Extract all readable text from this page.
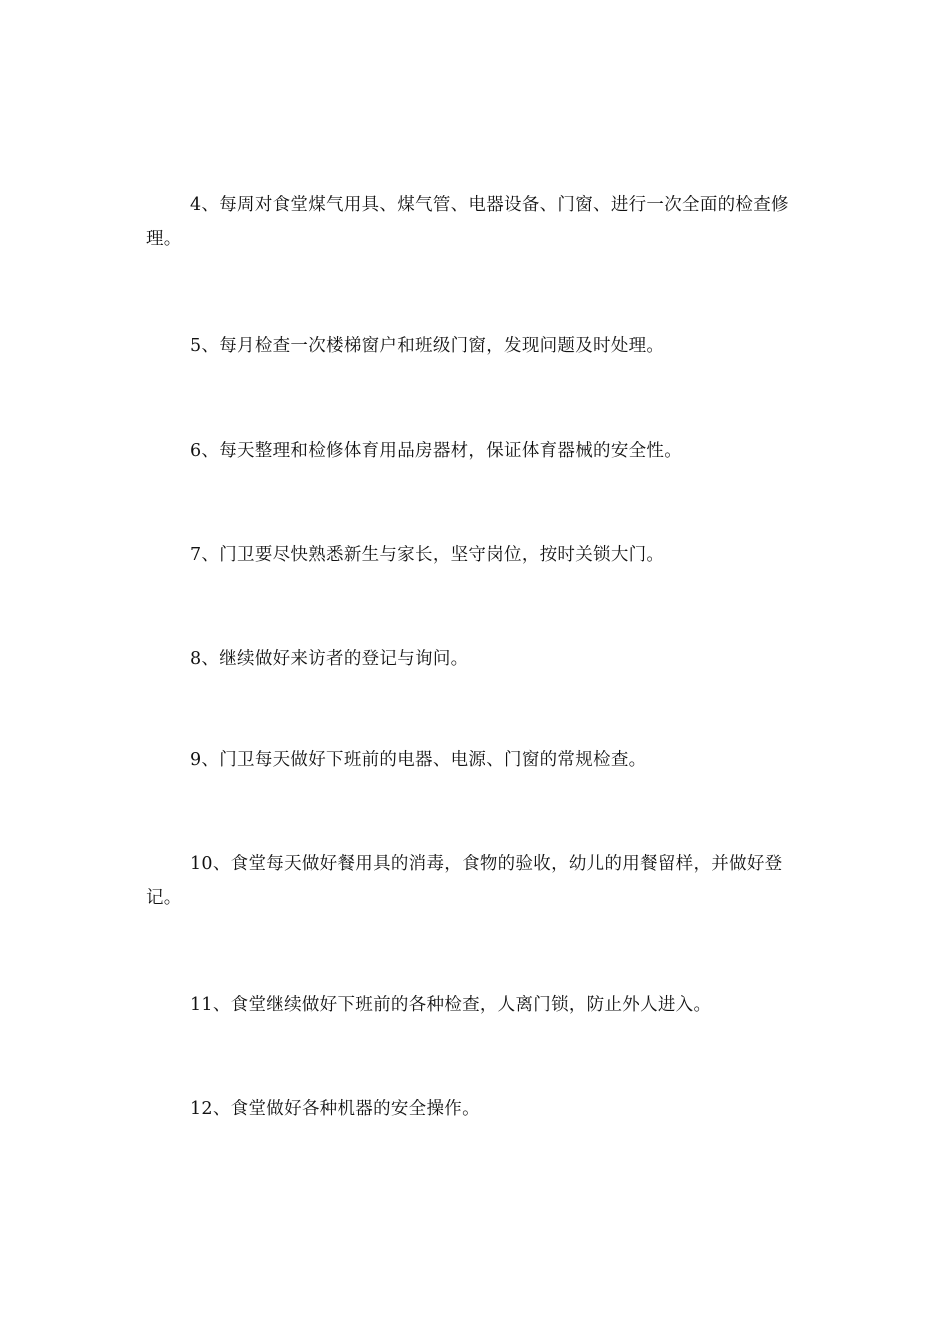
4、每周对食堂煤气用具、煤气管、电器设备、门窗、进行一次全面的检查修理。

5、每月检查一次楼梯窗户和班级门窗，发现问题及时处理。

6、每天整理和检修体育用品房器材，保证体育器械的安全性。

7、门卫要尽快熟悉新生与家长，坚守岗位，按时关锁大门。

8、继续做好来访者的登记与询问。

9、门卫每天做好下班前的电器、电源、门窗的常规检查。

10、食堂每天做好餐用具的消毒，食物的验收，幼儿的用餐留样，并做好登记。

11、食堂继续做好下班前的各种检查，人离门锁，防止外人进入。

12、食堂做好各种机器的安全操作。
